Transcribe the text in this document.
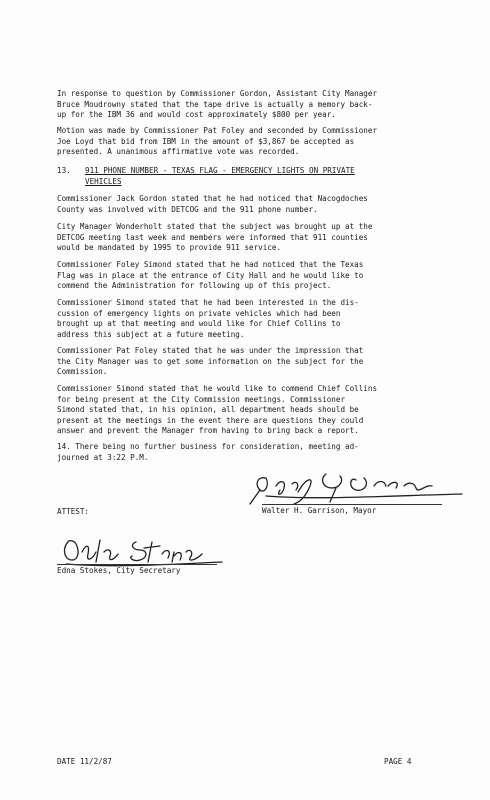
In response to question by Commissioner Gordon, Assistant City Manager
Bruce Moudrowny stated that the tape drive is actually a memory back-
up for the IBM 36 and would cost approximately $800 per year.
Motion was made by Commissioner Pat Foley and seconded by Commissioner
Joe Loyd that bid from IBM in the amount of $3,867 be accepted as
presented. A unanimous affirmative vote was recorded.
13. 911 PHONE NUMBER - TEXAS FLAG - EMERGENCY LIGHTS ON PRIVATE
VEHICLES
Commissioner Jack Gordon stated that he had noticed that Nacogdoches
County was involved with DETCOG and the 911 phone number.
City Manager Wonderholt stated that the subject was brought up at the
DETCOG meeting last week and members were informed that 911 counties
would be mandated by 1995 to provide 911 service.
Commissioner Foley Simond stated that he had noticed that the Texas
Flag was in place at the entrance of City Hall and he would like to
commend the Administration for following up of this project.
Commissioner Simond stated that he had been interested in the dis-
cussion of emergency lights on private vehicles which had been
brought up at that meeting and would like for Chief Collins to
address this subject at a future meeting.
Commissioner Pat Foley stated that he was under the impression that
the City Manager was to get some information on the subject for the
Commission.
Commissioner Simond stated that he would like to commend Chief Collins
for being present at the City Commission meetings. Commissioner
Simond stated that, in his opinion, all department heads should be
present at the meetings in the event there are questions they could
answer and prevent the Manager from having to bring back a report.
14. There being no further business for consideration, meeting ad-
journed at 3:22 P.M.
Walter H. Garrison, Mayor
ATTEST:
Edna Stokes, City Secretary
DATE 11/2/87	PAGE 4
